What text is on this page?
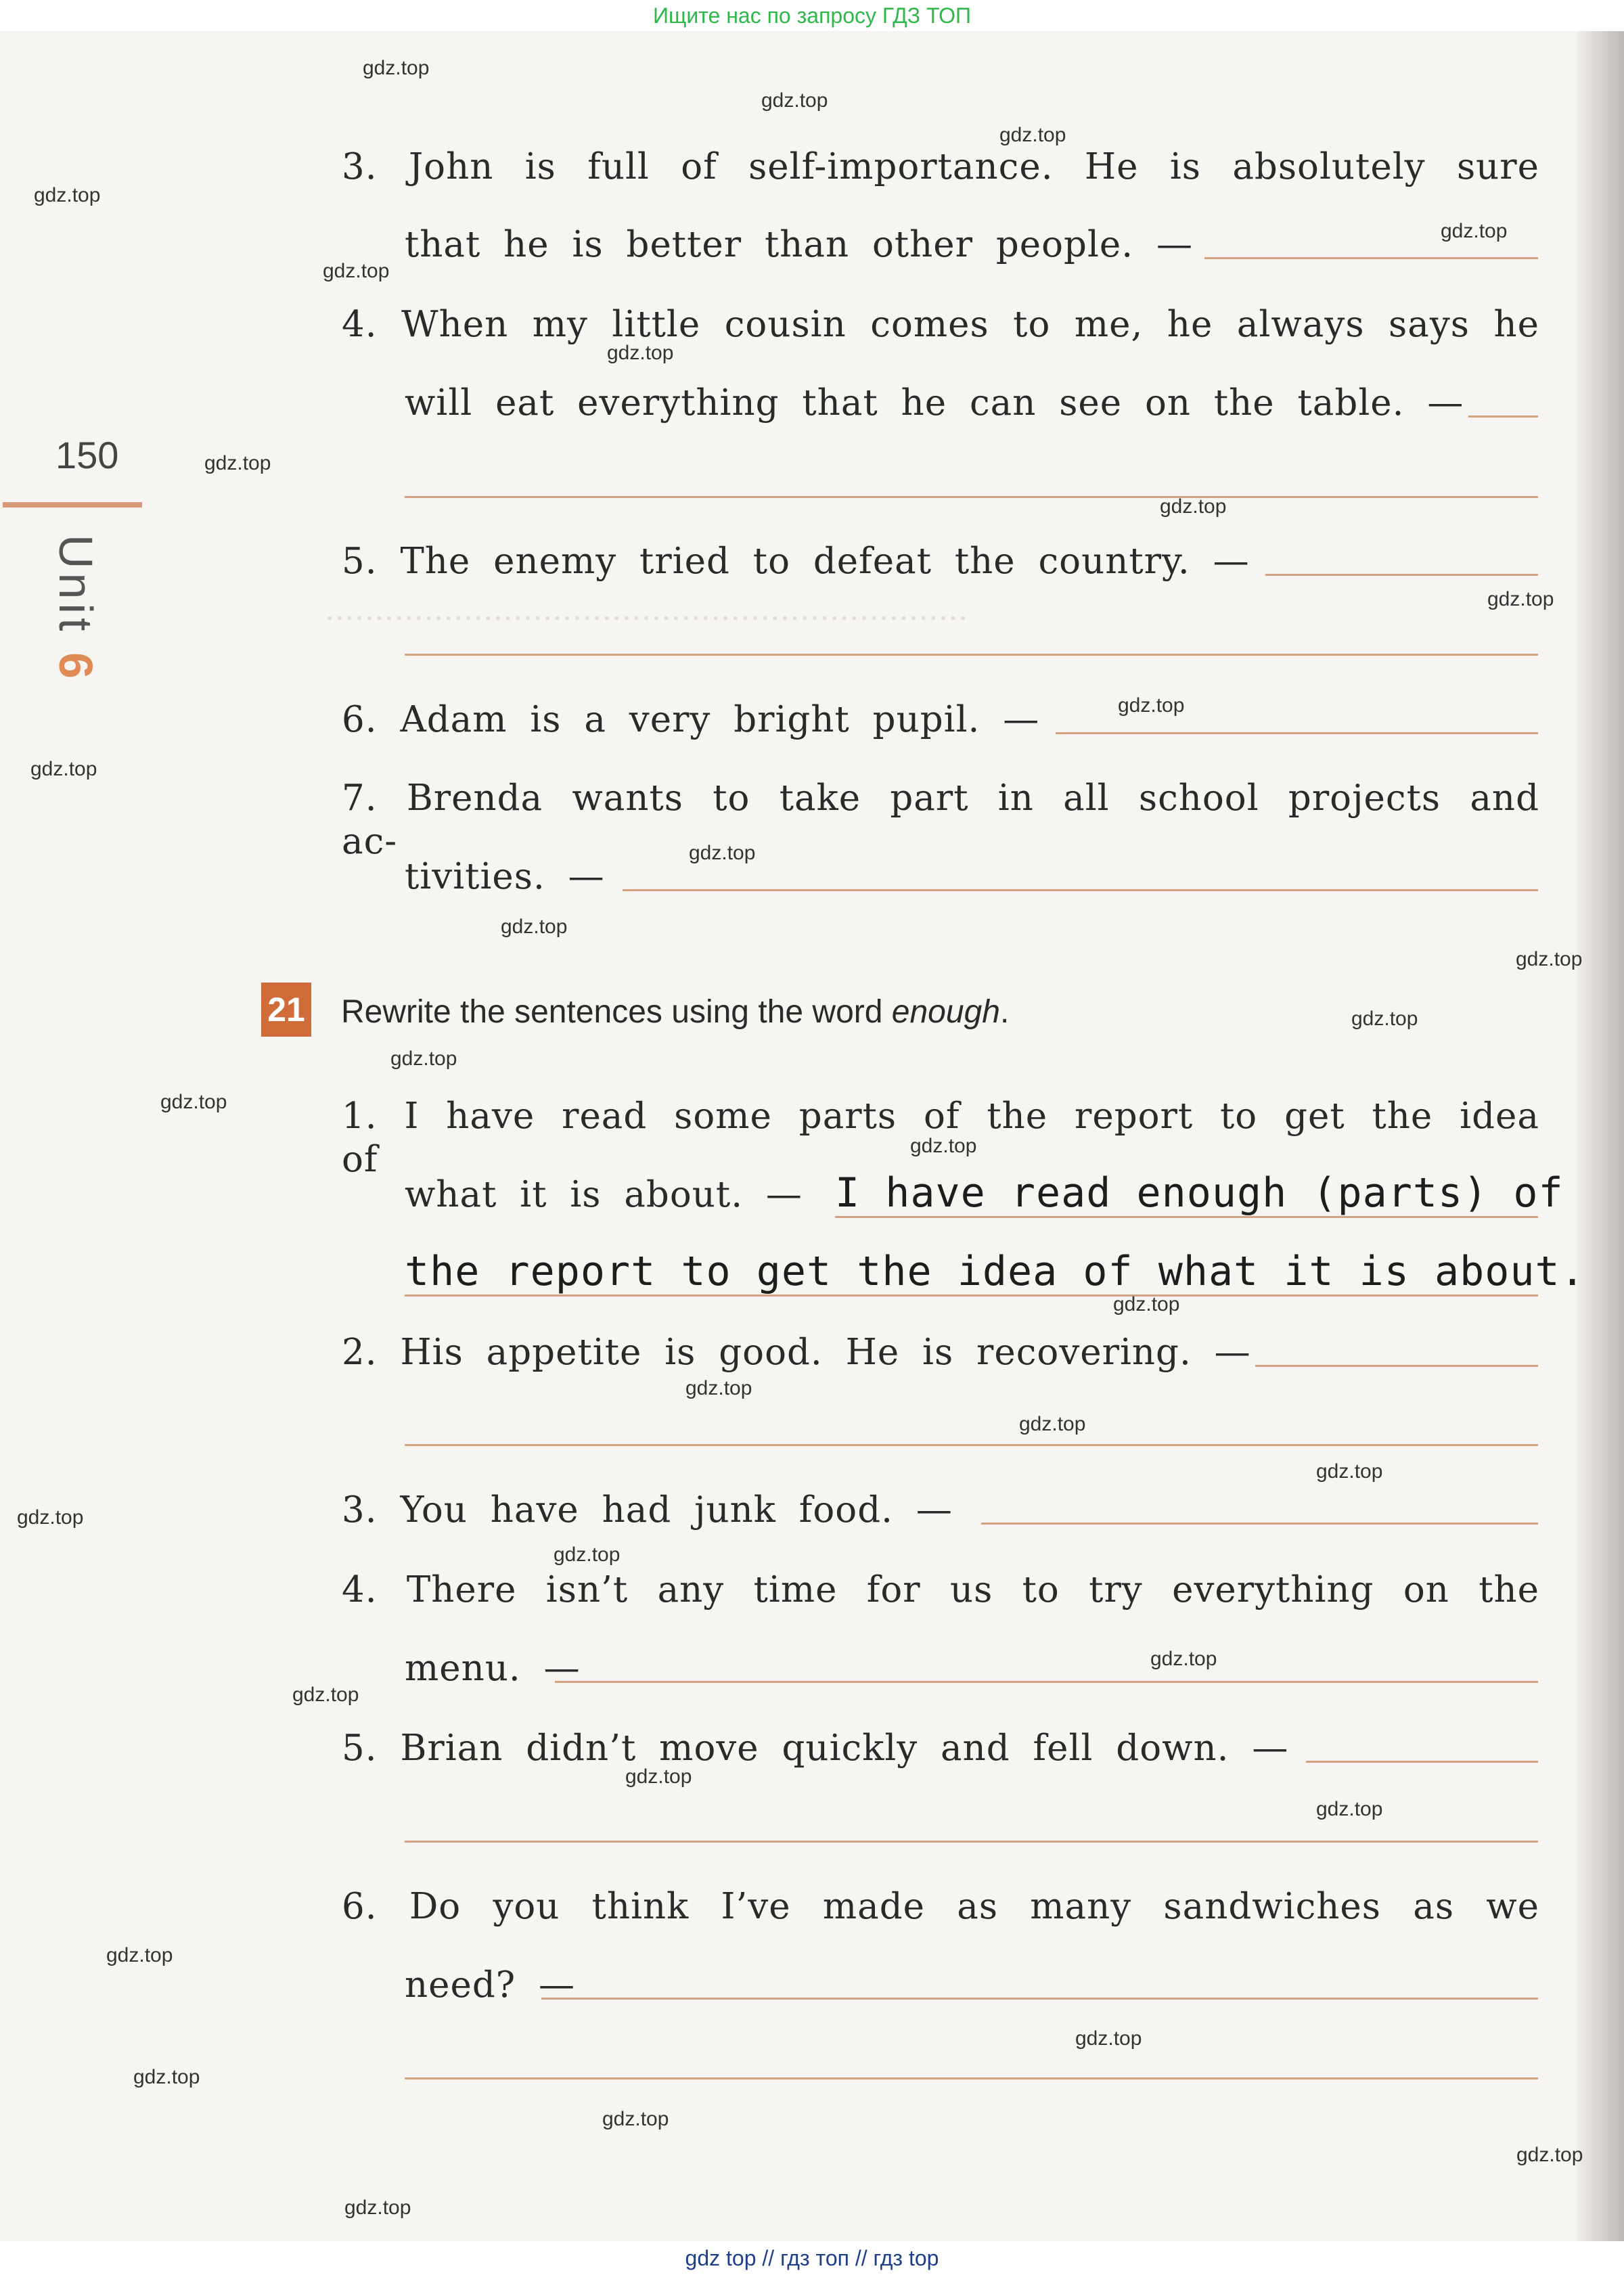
Ищите нас по запросу ГДЗ ТОП
.................................................................
150
Unit 6
3. John is full of self-importance. He is absolutely sure
that he is better than other people. —
4. When my little cousin comes to me, he always says he
will eat everything that he can see on the table. —
5. The enemy tried to defeat the country. —
6. Adam is a very bright pupil. —
7. Brenda wants to take part in all school projects and ac-
tivities. —
21 Rewrite the sentences using the word enough.
1. I have read some parts of the report to get the idea of
what it is about. — I have read enough (parts) of
the report to get the idea of what it is about.
2. His appetite is good. He is recovering. —
3. You have had junk food. —
4. There isn’t any time for us to try everything on the
menu. —
5. Brian didn’t move quickly and fell down. —
6. Do you think I’ve made as many sandwiches as we
need? —
gdz.top
gdz.top
gdz.top
gdz.top
gdz.top
gdz.top
gdz.top
gdz.top
gdz.top
gdz.top
gdz.top
gdz.top
gdz.top
gdz.top
gdz.top
gdz.top
gdz.top
gdz.top
gdz.top
gdz.top
gdz.top
gdz.top
gdz.top
gdz.top
gdz.top
gdz.top
gdz.top
gdz.top
gdz.top
gdz.top
gdz.top
gdz.top
gdz.top
gdz.top
gdz.top
gdz top // гдз топ // гдз top
